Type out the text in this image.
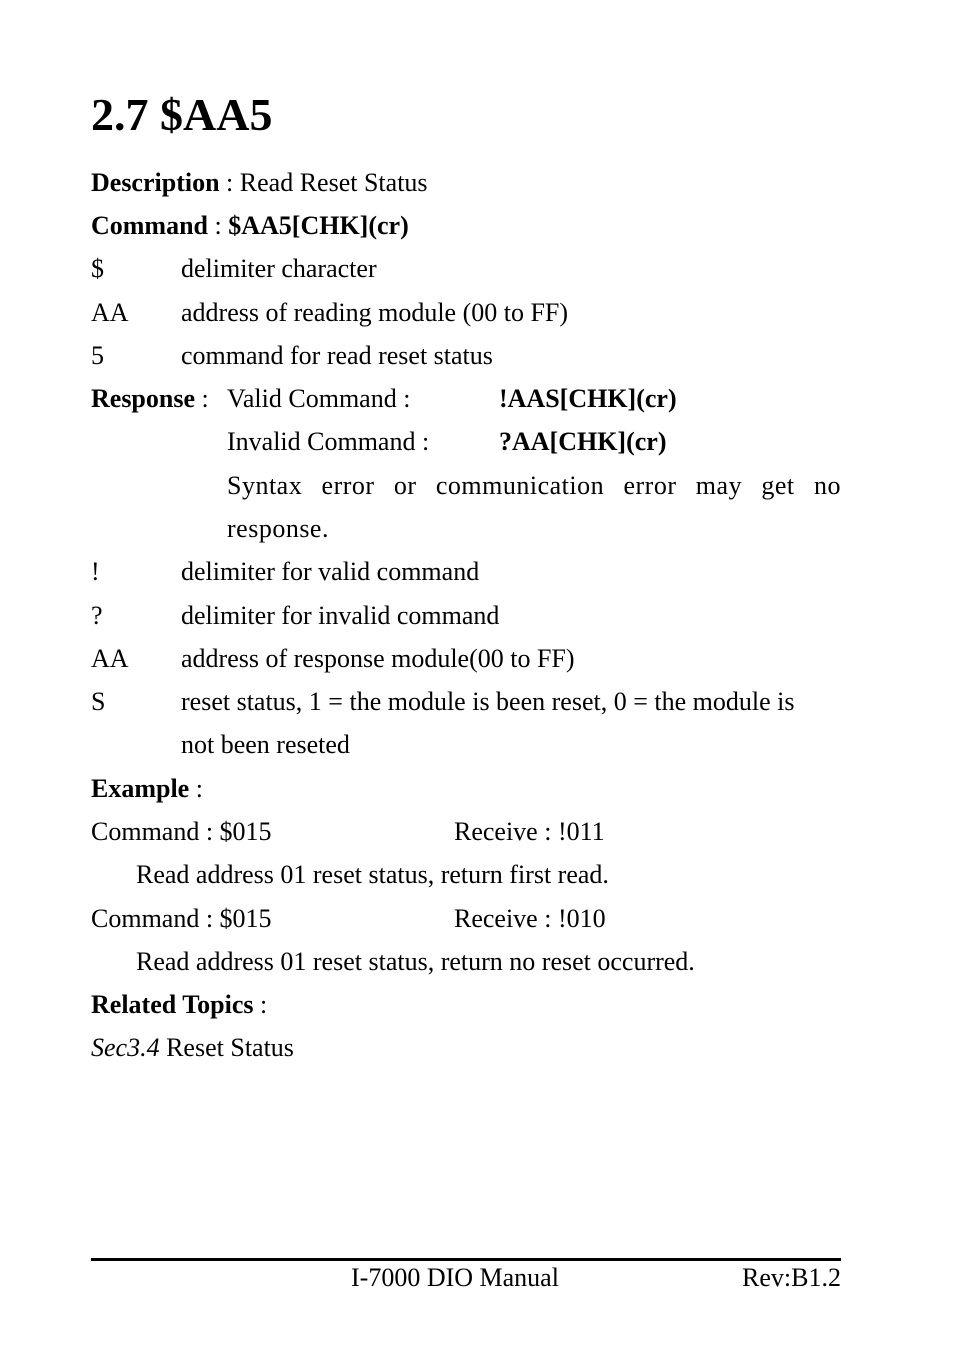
2.7 $AA5
Description : Read Reset Status
Command : $AA5[CHK](cr)
$	delimiter character
AA address of reading module (00 to FF)
5	command for read reset status
Response : Valid Command :	!AAS[CHK](cr)
Invalid Command :	?AA[CHK](cr)
Syntax error or communication error may get no response.
!	delimiter for valid command
?	delimiter for invalid command
AA address of response module(00 to FF)
S	reset status, 1 = the module is been reset, 0 = the module is
not been reseted
Example :
Command : $015	Receive : !011
Read address 01 reset status, return first read.
Command : $015	Receive : !010
Read address 01 reset status, return no reset occurred.
Related Topics :
Sec3.4 Reset Status
I-7000 DIO Manual	Rev:B1.2
